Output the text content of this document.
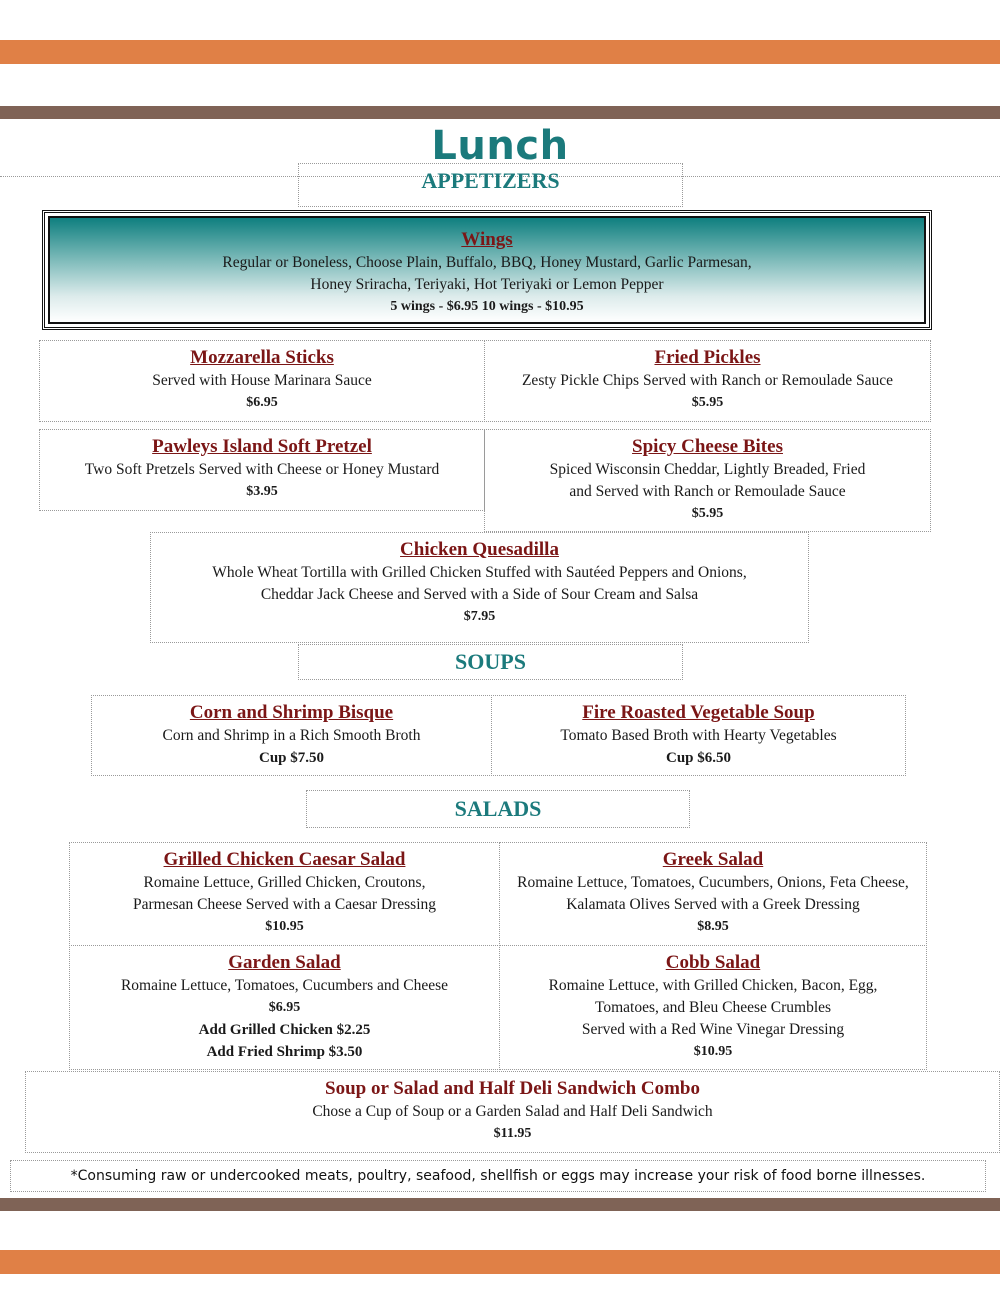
Lunch
APPETIZERS
Wings
Regular or Boneless, Choose Plain, Buffalo, BBQ, Honey Mustard, Garlic Parmesan,
Honey Sriracha, Teriyaki, Hot Teriyaki or Lemon Pepper
5 wings - $6.95 10 wings - $10.95
Mozzarella Sticks
Served with House Marinara Sauce
$6.95
Fried Pickles
Zesty Pickle Chips Served with Ranch or Remoulade Sauce
$5.95
Pawleys Island Soft Pretzel
Two Soft Pretzels Served with Cheese or Honey Mustard
$3.95
Spicy Cheese Bites
Spiced Wisconsin Cheddar, Lightly Breaded, Fried
and Served with Ranch or Remoulade Sauce
$5.95
Chicken Quesadilla
Whole Wheat Tortilla with Grilled Chicken Stuffed with Sautéed Peppers and Onions,
Cheddar Jack Cheese and Served with a Side of Sour Cream and Salsa
$7.95
SOUPS
Corn and Shrimp Bisque
Corn and Shrimp in a Rich Smooth Broth
Cup $7.50
Fire Roasted Vegetable Soup
Tomato Based Broth with Hearty Vegetables
Cup $6.50
SALADS
Grilled Chicken Caesar Salad
Romaine Lettuce, Grilled Chicken, Croutons,
Parmesan Cheese Served with a Caesar Dressing
$10.95
Greek Salad
Romaine Lettuce, Tomatoes, Cucumbers, Onions, Feta Cheese,
Kalamata Olives Served with a Greek Dressing
$8.95
Garden Salad
Romaine Lettuce, Tomatoes, Cucumbers and Cheese
$6.95
Add Grilled Chicken $2.25
Add Fried Shrimp $3.50
Cobb Salad
Romaine Lettuce, with Grilled Chicken, Bacon, Egg,
Tomatoes, and Bleu Cheese Crumbles
Served with a Red Wine Vinegar Dressing
$10.95
Soup or Salad and Half Deli Sandwich Combo
Chose a Cup of Soup or a Garden Salad and Half Deli Sandwich
$11.95
*Consuming raw or undercooked meats, poultry, seafood, shellfish or eggs may increase your risk of food borne illnesses.
